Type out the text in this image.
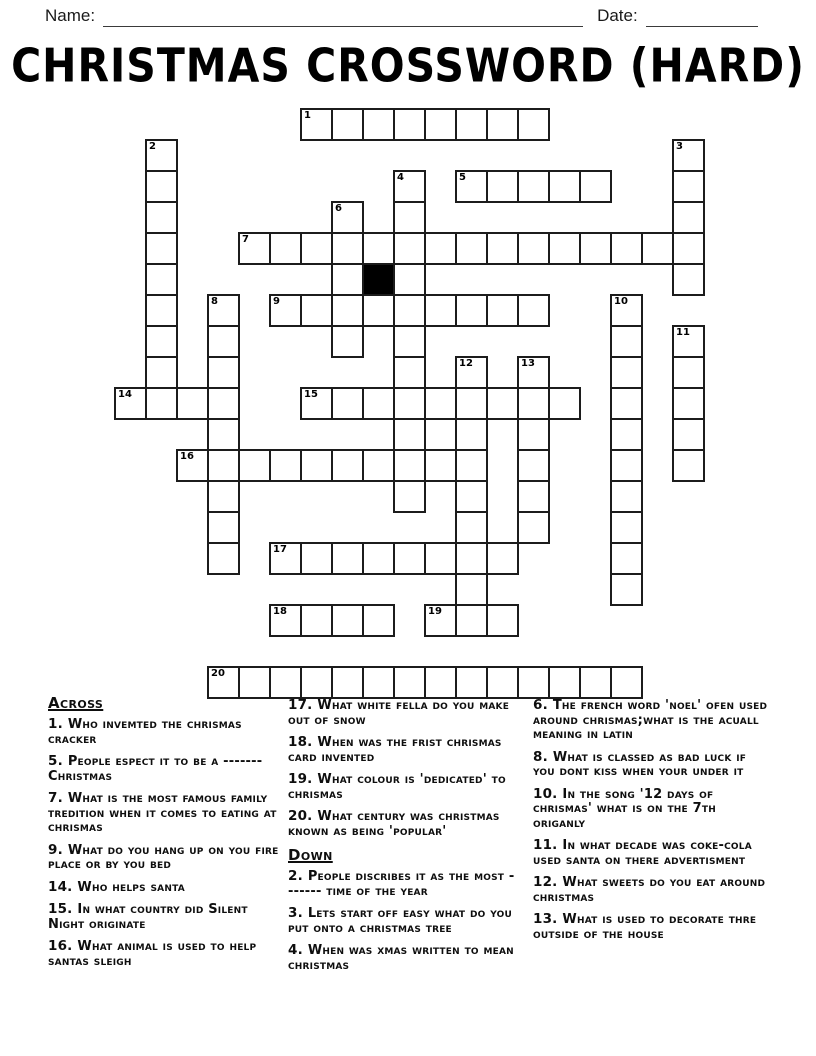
Name:	Date:
CHRISTMAS CROSSWORD (HARD)
1
2	3
4	5
6
7
8	9	10
11
12	13
14	15
16
17
18	19
20
Across
1. Who invemted the chrismas cracker
5. People espect it to be a ------- Christmas
7. What is the most famous family tredition when it comes to eating at chrismas
9. What do you hang up on you fire place or by you bed
14. Who helps santa
15. In what country did Silent Night originate
16. What animal is used to help santas sleigh
17. What white fella do you make out of snow
18. When was the frist chrismas card invented
19. What colour is 'dedicated' to chrismas
20. What century was christmas known as being 'popular'
Down
2. People discribes it as the most ------- time of the year
3. Lets start off easy what do you put onto a christmas tree
4. When was xmas written to mean christmas
6. The french word 'noel' ofen used around chrismas;what is the acuall meaning in latin
8. What is classed as bad luck if you dont kiss when your under it
10. In the song '12 days of chrismas' what is on the 7th origanly
11. In what decade was coke-cola used santa on there advertisment
12. What sweets do you eat around christmas
13. What is used to decorate thre outside of the house
